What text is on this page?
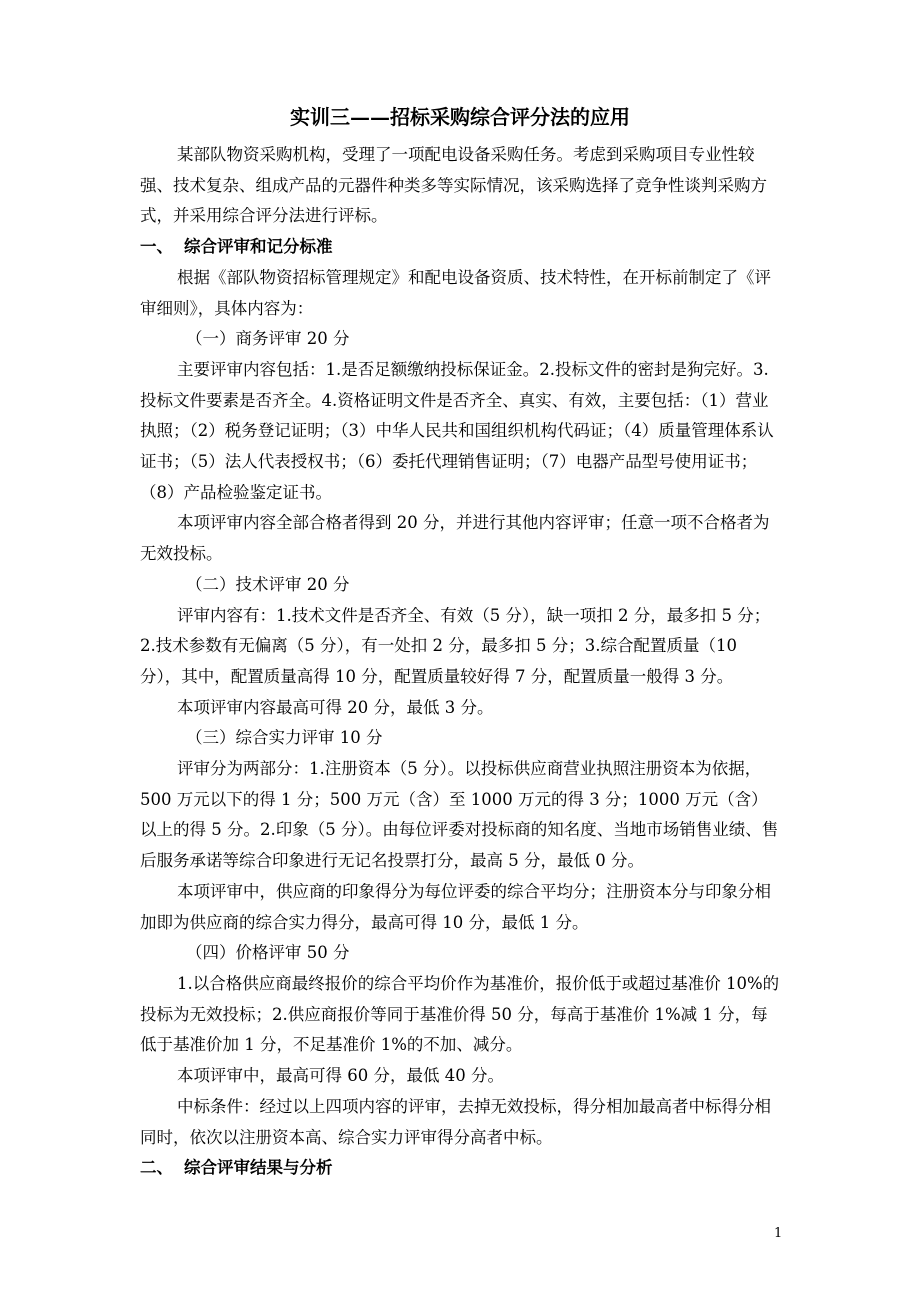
实训三——招标采购综合评分法的应用

某部队物资采购机构，受理了一项配电设备采购任务。考虑到采购项目专业性较强、技术复杂、组成产品的元器件种类多等实际情况，该采购选择了竞争性谈判采购方式，并采用综合评分法进行评标。

一、 综合评审和记分标准

根据《部队物资招标管理规定》和配电设备资质、技术特性，在开标前制定了《评审细则》，具体内容为：

（一）商务评审 20 分

主要评审内容包括：1.是否足额缴纳投标保证金。2.投标文件的密封是狗完好。3.投标文件要素是否齐全。4.资格证明文件是否齐全、真实、有效，主要包括：（1）营业执照；（2）税务登记证明；（3）中华人民共和国组织机构代码证；（4）质量管理体系认证书；（5）法人代表授权书；（6）委托代理销售证明；（7）电器产品型号使用证书；（8）产品检验鉴定证书。

本项评审内容全部合格者得到 20 分，并进行其他内容评审；任意一项不合格者为无效投标。

（二）技术评审 20 分

评审内容有：1.技术文件是否齐全、有效（5 分），缺一项扣 2 分，最多扣 5 分；2.技术参数有无偏离（5 分），有一处扣 2 分，最多扣 5 分；3.综合配置质量（10 分），其中，配置质量高得 10 分，配置质量较好得 7 分，配置质量一般得 3 分。

本项评审内容最高可得 20 分，最低 3 分。

（三）综合实力评审 10 分

评审分为两部分：1.注册资本（5 分）。以投标供应商营业执照注册资本为依据，500 万元以下的得 1 分；500 万元（含）至 1000 万元的得 3 分；1000 万元（含）以上的得 5 分。2.印象（5 分）。由每位评委对投标商的知名度、当地市场销售业绩、售后服务承诺等综合印象进行无记名投票打分，最高 5 分，最低 0 分。

本项评审中，供应商的印象得分为每位评委的综合平均分；注册资本分与印象分相加即为供应商的综合实力得分，最高可得 10 分，最低 1 分。

（四）价格评审 50 分

1.以合格供应商最终报价的综合平均价作为基准价，报价低于或超过基准价 10%的投标为无效投标；2.供应商报价等同于基准价得 50 分，每高于基准价 1%减 1 分，每低于基准价加 1 分，不足基准价 1%的不加、减分。

本项评审中，最高可得 60 分，最低 40 分。

中标条件：经过以上四项内容的评审，去掉无效投标，得分相加最高者中标得分相同时，依次以注册资本高、综合实力评审得分高者中标。

二、 综合评审结果与分析

1
